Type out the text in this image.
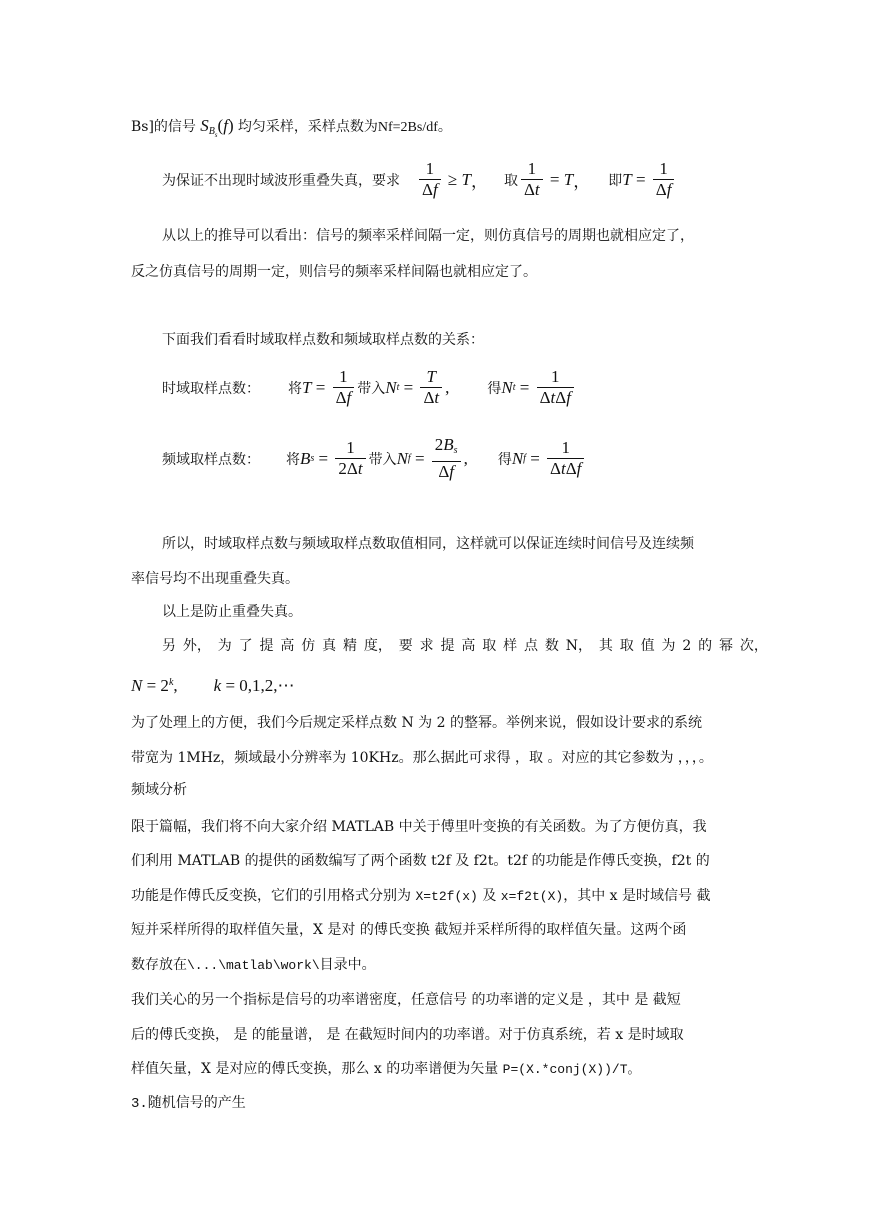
Bs]的信号 $S_{B_s}(f)$ 均匀采样，采样点数为Nf=2Bs/df。
为保证不出现时域波形重叠失真，要求 $\frac{1}{\Delta f} \ge T$ ， 取 $\frac{1}{\Delta t} = T$ ， 即 $T = \frac{1}{\Delta f}$
从以上的推导可以看出：信号的频率采样间隔一定，则仿真信号的周期也就相应定了，
反之仿真信号的周期一定，则信号的频率采样间隔也就相应定了。
下面我们看看时域取样点数和频域取样点数的关系：
时域取样点数： 将 $T = \frac{1}{\Delta f}$ 带入 N $t = \frac{T}{\Delta t}$ ,	得 N $t = \frac{1}{\text{ΔtΔf}}$
频域取样点数： 将 B $s = \frac{1}{2\Delta t}$ 带入 N $f = \frac{2B_s}{\Delta f}$ , 得 N $f = \frac{1}{\text{ΔtΔf}}$
所以，时域取样点数与频域取样点数取值相同，这样就可以保证连续时间信号及连续频
率信号均不出现重叠失真。
以上是防止重叠失真。
另 外， 为 了 提 高 仿 真 精 度， 要 求 提 高 取 样 点 数 N， 其 取 值 为 2 的 幂 次，
$N = 2^k$, k = 0,1,2,⋯
为了处理上的方便，我们今后规定采样点数 N 为 2 的整幂。举例来说，假如设计要求的系统
带宽为 1MHz，频域最小分辨率为 10KHz。那么据此可求得 ，取 。对应的其它参数为 ，，，。
频域分析
限于篇幅，我们将不向大家介绍 MATLAB 中关于傅里叶变换的有关函数。为了方便仿真，我
们利用 MATLAB 的提供的函数编写了两个函数 t2f 及 f2t。t2f 的功能是作傅氏变换，f2t 的
功能是作傅氏反变换，它们的引用格式分别为 X=t2f(x) 及 x=f2t(X)，其中 x 是时域信号 截
短并采样所得的取样值矢量，X 是对 的傅氏变换 截短并采样所得的取样值矢量。这两个函
数存放在\...\matlab\work\目录中。
我们关心的另一个指标是信号的功率谱密度，任意信号 的功率谱的定义是 ，其中 是 截短
后的傅氏变换， 是 的能量谱， 是 在截短时间内的功率谱。对于仿真系统，若 x 是时域取
样值矢量，X 是对应的傅氏变换，那么 x 的功率谱便为矢量 P=(X.*conj(X))/T。
3.随机信号的产生
